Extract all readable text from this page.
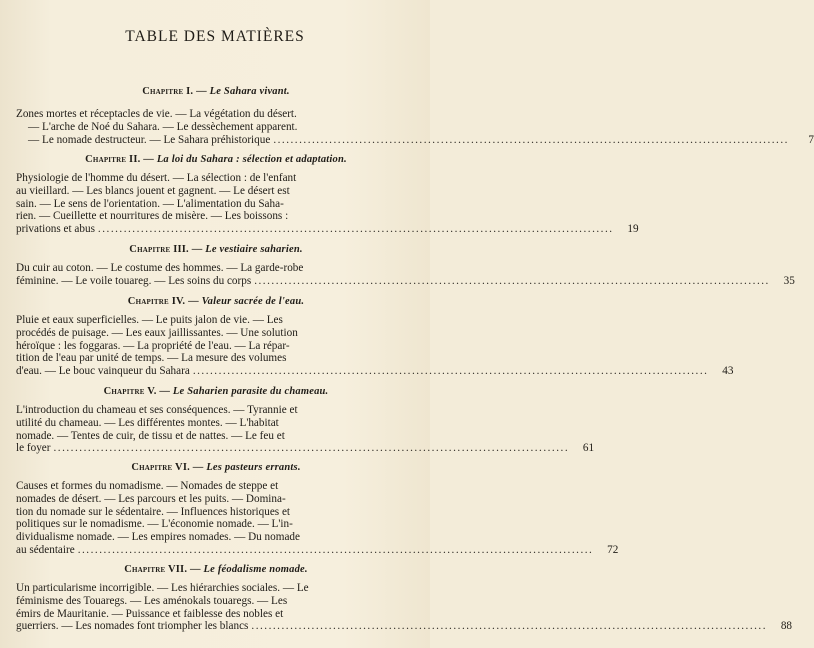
TABLE DES MATIÈRES
Chapitre I. — Le Sahara vivant.
Zones mortes et réceptacles de vie. — La végétation du désert.
— L'arche de Noé du Sahara. — Le dessèchement apparent.
— Le nomade destructeur. — Le Sahara préhistorique ........................................................................................................................	7
Chapitre II. — La loi du Sahara : sélection et adaptation.
Physiologie de l'homme du désert. — La sélection : de l'enfant
au vieillard. — Les blancs jouent et gagnent. — Le désert est
sain. — Le sens de l'orientation. — L'alimentation du Saha-
rien. — Cueillette et nourritures de misère. — Les boissons :
privations et abus ........................................................................................................................	19
Chapitre III. — Le vestiaire saharien.
Du cuir au coton. — Le costume des hommes. — La garde-robe
féminine. — Le voile touareg. — Les soins du corps ........................................................................................................................	35
Chapitre IV. — Valeur sacrée de l'eau.
Pluie et eaux superficielles. — Le puits jalon de vie. — Les
procédés de puisage. — Les eaux jaillissantes. — Une solution
héroïque : les foggaras. — La propriété de l'eau. — La répar-
tition de l'eau par unité de temps. — La mesure des volumes
d'eau. — Le bouc vainqueur du Sahara ........................................................................................................................	43
Chapitre V. — Le Saharien parasite du chameau.
L'introduction du chameau et ses conséquences. — Tyrannie et
utilité du chameau. — Les différentes montes. — L'habitat
nomade. — Tentes de cuir, de tissu et de nattes. — Le feu et
le foyer ........................................................................................................................	61
Chapitre VI. — Les pasteurs errants.
Causes et formes du nomadisme. — Nomades de steppe et
nomades de désert. — Les parcours et les puits. — Domina-
tion du nomade sur le sédentaire. — Influences historiques et
politiques sur le nomadisme. — L'économie nomade. — L'in-
dividualisme nomade. — Les empires nomades. — Du nomade
au sédentaire ........................................................................................................................	72
Chapitre VII. — Le féodalisme nomade.
Un particularisme incorrigible. — Les hiérarchies sociales. — Le
féminisme des Touaregs. — Les aménokals touaregs. — Les
émirs de Mauritanie. — Puissance et faiblesse des nobles et
guerriers. — Les nomades font triompher les blancs ........................................................................................................................	88
